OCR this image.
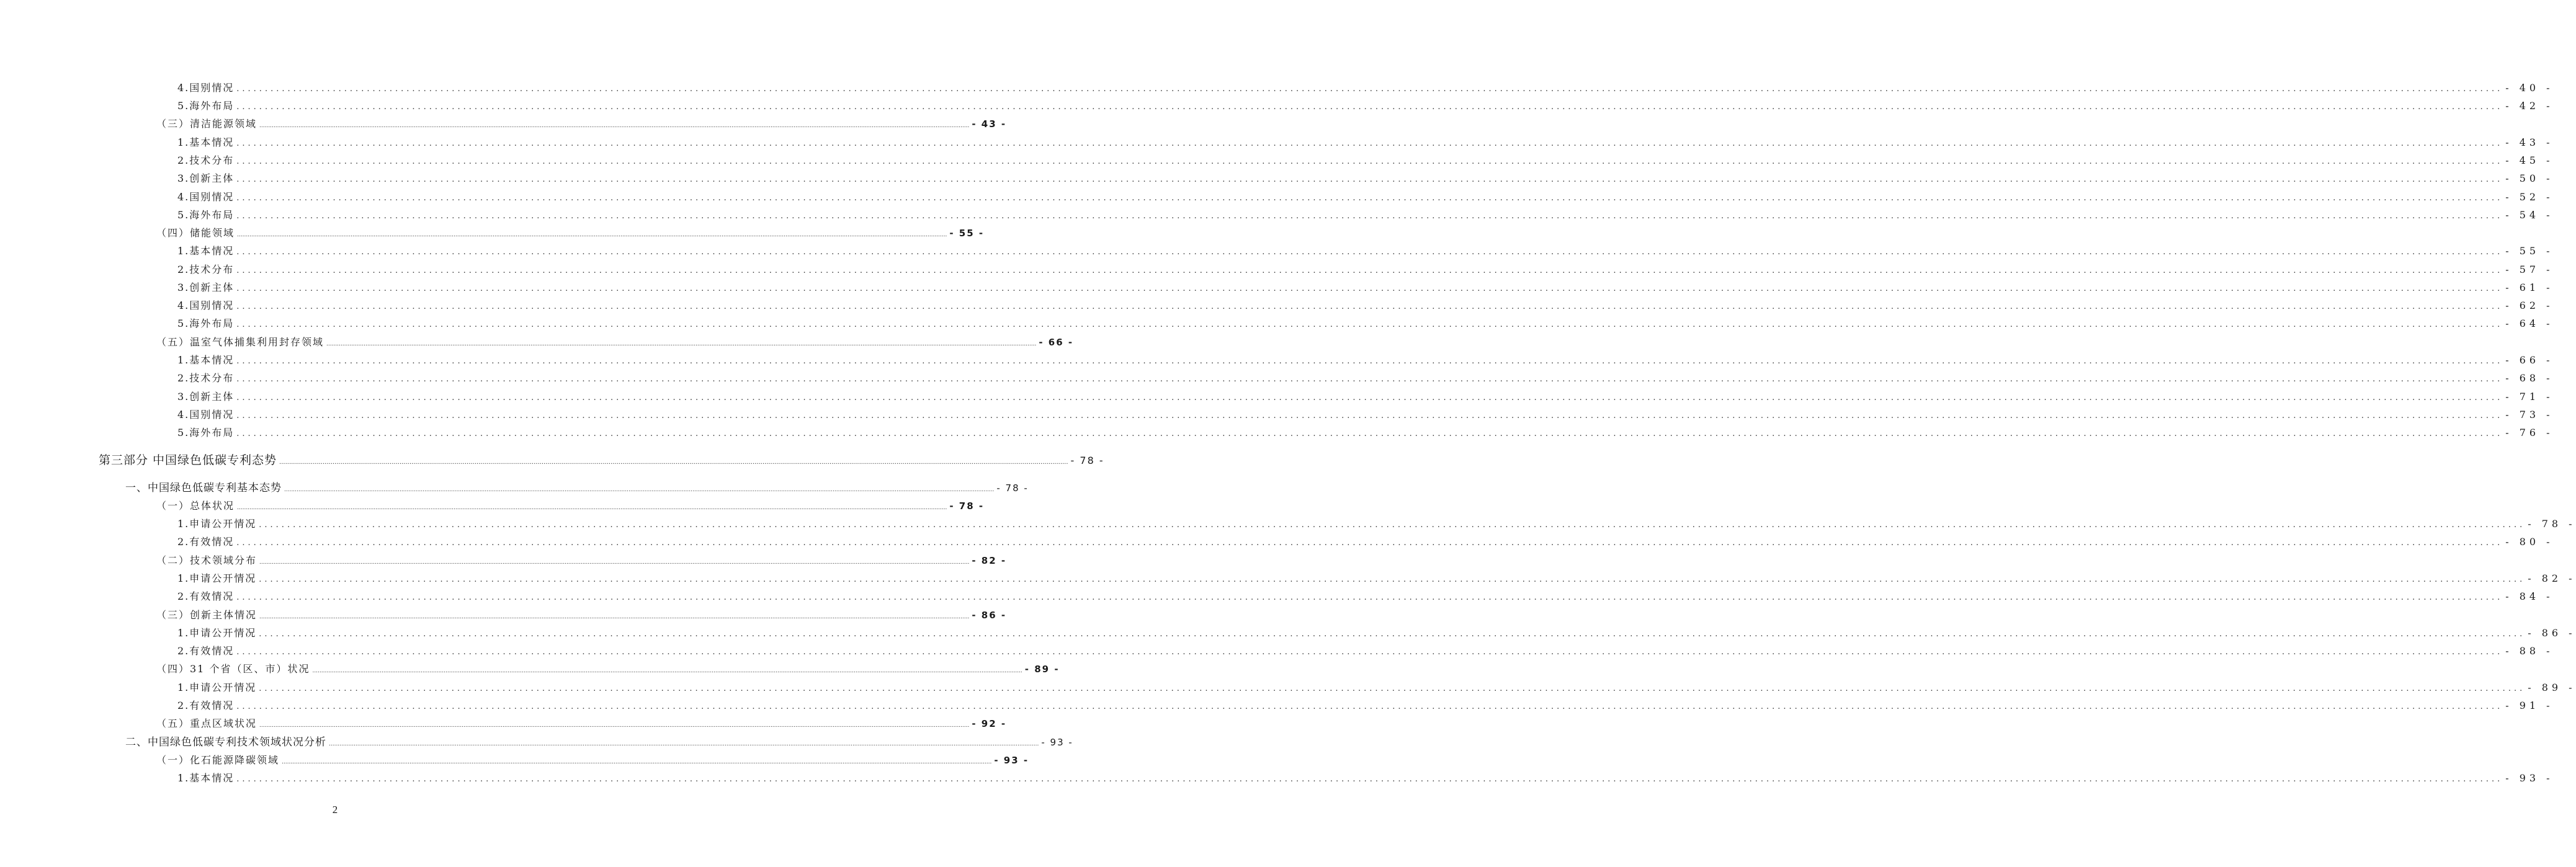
4.国别情况 ................................................................................................................................................................................................................................................................................................................................................................................................................ - 40 -
5.海外布局 ................................................................................................................................................................................................................................................................................................................................................................................................................ - 42 -
（三）清洁能源领域 ................................................................................................................................................................................................................................................................................................................................................................................................................ - 43 -
1.基本情况 ................................................................................................................................................................................................................................................................................................................................................................................................................ - 43 -
2.技术分布 ................................................................................................................................................................................................................................................................................................................................................................................................................ - 45 -
3.创新主体 ................................................................................................................................................................................................................................................................................................................................................................................................................ - 50 -
4.国别情况 ................................................................................................................................................................................................................................................................................................................................................................................................................ - 52 -
5.海外布局 ................................................................................................................................................................................................................................................................................................................................................................................................................ - 54 -
（四）储能领域 ................................................................................................................................................................................................................................................................................................................................................................................................................ - 55 -
1.基本情况 ................................................................................................................................................................................................................................................................................................................................................................................................................ - 55 -
2.技术分布 ................................................................................................................................................................................................................................................................................................................................................................................................................ - 57 -
3.创新主体 ................................................................................................................................................................................................................................................................................................................................................................................................................ - 61 -
4.国别情况 ................................................................................................................................................................................................................................................................................................................................................................................................................ - 62 -
5.海外布局 ................................................................................................................................................................................................................................................................................................................................................................................................................ - 64 -
（五）温室气体捕集利用封存领域 ................................................................................................................................................................................................................................................................................................................................................................................................................ - 66 -
1.基本情况 ................................................................................................................................................................................................................................................................................................................................................................................................................ - 66 -
2.技术分布 ................................................................................................................................................................................................................................................................................................................................................................................................................ - 68 -
3.创新主体 ................................................................................................................................................................................................................................................................................................................................................................................................................ - 71 -
4.国别情况 ................................................................................................................................................................................................................................................................................................................................................................................................................ - 73 -
5.海外布局 ................................................................................................................................................................................................................................................................................................................................................................................................................ - 76 -
第三部分 中国绿色低碳专利态势 ................................................................................................................................................................................................................................................................................................................................................................................................................ - 78 -
一、中国绿色低碳专利基本态势 ................................................................................................................................................................................................................................................................................................................................................................................................................ - 78 -
（一）总体状况 ................................................................................................................................................................................................................................................................................................................................................................................................................ - 78 -
1.申请公开情况 ................................................................................................................................................................................................................................................................................................................................................................................................................ - 78 -
2.有效情况 ................................................................................................................................................................................................................................................................................................................................................................................................................ - 80 -
（二）技术领域分布 ................................................................................................................................................................................................................................................................................................................................................................................................................ - 82 -
1.申请公开情况 ................................................................................................................................................................................................................................................................................................................................................................................................................ - 82 -
2.有效情况 ................................................................................................................................................................................................................................................................................................................................................................................................................ - 84 -
（三）创新主体情况 ................................................................................................................................................................................................................................................................................................................................................................................................................ - 86 -
1.申请公开情况 ................................................................................................................................................................................................................................................................................................................................................................................................................ - 86 -
2.有效情况 ................................................................................................................................................................................................................................................................................................................................................................................................................ - 88 -
（四）31 个省（区、市）状况 ................................................................................................................................................................................................................................................................................................................................................................................................................ - 89 -
1.申请公开情况 ................................................................................................................................................................................................................................................................................................................................................................................................................ - 89 -
2.有效情况 ................................................................................................................................................................................................................................................................................................................................................................................................................ - 91 -
（五）重点区域状况 ................................................................................................................................................................................................................................................................................................................................................................................................................ - 92 -
二、中国绿色低碳专利技术领域状况分析 ................................................................................................................................................................................................................................................................................................................................................................................................................ - 93 -
（一）化石能源降碳领域 ................................................................................................................................................................................................................................................................................................................................................................................................................ - 93 -
1.基本情况 ................................................................................................................................................................................................................................................................................................................................................................................................................ - 93 -
2
